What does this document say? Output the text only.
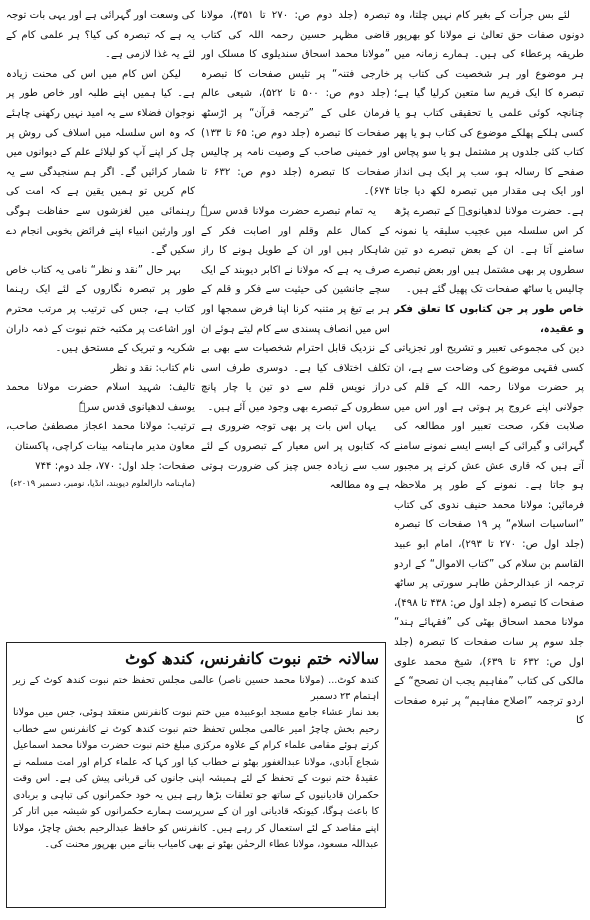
لئے بس جرأت کے بغیر کام نہیں چلتا، وہ دونوں صفات حق تعالیٰ نے مولانا کو بھرپور طریقہ پرعطاء کی ہیں۔ ہمارے زمانہ میں ہر موضوع اور ہر شخصیت کی کتاب پر تبصرہ کا ایک فریم سا متعین کرلیا گیا ہے؛ چنانچہ کوئی علمی یا تحقیقی کتاب ہو یا کسی ہلکے پھلکے موضوع کی کتاب ہو یا پھر کتاب کئی جلدوں پر مشتمل ہو یا سو پچاس صفحے کا رسالہ ہو، سب پر ایک ہی انداز اور ایک ہی مقدار میں تبصرہ لکھ دیا جاتا ہے۔ حضرت مولانا لدھیانویؒ کے تبصرے پڑھ کر اس سلسلہ میں عجیب سلیقہ یا نمونہ سامنے آتا ہے۔ ان کے بعض تبصرے دو تین سطروں پر بھی مشتمل ہیں اور بعض تبصرے چالیس یا ساٹھ صفحات تک پھیل گئے ہیں۔

خاص طور پر جن کتابوں کا تعلق فکر و عقیدہ،

دین کی مجموعی تعبیر و تشریح اور تجزیاتی کسی فقہی موضوع کی وضاحت سے ہے، ان پر حضرت مولانا رحمہ اللہ کے قلم کی جولانی اپنے عروج پر ہوتی ہے اور اس میں صلابت فکر، صحت تعبیر اور مطالعہ کی گہرائی و گیرائی کے ایسے ایسے نمونے سامنے آتے ہیں کہ قاری عش عش کرنے پر مجبور ہو جاتا ہے۔ نمونے کے طور پر ملاحظہ فرمائیں: مولانا محمد حنیف ندوی کی کتاب ”اساسیات اسلام“ پر ۱۹ صفحات کا تبصرہ (جلد اول ص: ۲۷۰ تا ۲۹۳)، امام ابو عبید القاسم بن سلام کی ”کتاب الاموال“ کے اردو ترجمہ از عبدالرحمٰن طاہر سورتی پر ساٹھ صفحات کا تبصرہ (جلد اول ص: ۴۳۸ تا ۴۹۸)، مولانا محمد اسحاق بھٹی کی ”فقہائے ہند“ جلد سوم پر سات صفحات کا تبصرہ (جلد اول ص: ۶۳۲ تا ۶۳۹)، شیخ محمد علوی مالکی کی کتاب ”مفاہیم یجب ان تصحح“ کے اردو ترجمہ ”اصلاح مفاہیم“ پر تیرہ صفحات کا

تبصرہ (جلد دوم ص: ۲۷۰ تا ۳۵۱)، مولانا قاضی مظہر حسین رحمہ اللہ کی کتاب ”مولانا محمد اسحاق سندیلوی کا مسلک اور خارجی فتنہ“ پر تئیس صفحات کا تبصرہ (جلد دوم ص: ۵۰۰ تا ۵۲۲)، شیعی عالم فرمان علی کے ”ترجمہ قرآن“ پر اڑسٹھ صفحات کا تبصرہ (جلد دوم ص: ۶۵ تا ۱۳۳) اور خمینی صاحب کے وصیت نامہ پر چالیس صفحات کا تبصرہ (جلد دوم ص: ۶۳۲ تا ۶۷۴)۔

یہ تمام تبصرے حضرت مولانا قدس سرہٗ کے کمال علم وقلم اور اصابت فکر کے شاہکار ہیں اور ان کے طویل ہونے کا راز صرف یہ ہے کہ مولانا نے اکابر دیوبند کے ایک سچے جانشین کی حیثیت سے فکر و قلم کے ہر بے تیغ پر متنبہ کرنا اپنا فرض سمجھا اور اس میں انصاف پسندی سے کام لیتے ہوئے ان کے نزدیک قابل احترام شخصیات سے بھی بے تکلف اختلاف کیا ہے۔ دوسری طرف اسی دراز نویس قلم سے دو تین یا چار پانچ سطروں کے تبصرے بھی وجود میں آئے ہیں۔

یہاں اس بات پر بھی توجہ ضروری ہے کہ کتابوں پر اس معیار کے تبصروں کے لئے سب سے زیادہ جس چیز کی ضرورت ہوتی ہے وہ مطالعہ

کی وسعت اور گہرائی ہے اور یہی بات توجہ یہ ہے کہ تبصرہ کی کیا؟ ہر علمی کام کے لئے یہ غذا لازمی ہے۔

لیکن اس کام میں اس کی محنت زیادہ ہے۔ کیا ہمیں اپنے طلبہ اور خاص طور پر نوجوان فضلاء سے یہ امید نہیں رکھنی چاہئے کہ وہ اس سلسلہ میں اسلاف کی روش پر چل کر اپنے آپ کو لیلائے علم کے دیوانوں میں شمار کرائیں گے۔ اگر ہم سنجیدگی سے یہ کام کریں تو ہمیں یقین ہے کہ امت کی رہنمائی میں لغزشوں سے حفاظت ہوگی اور وارثین انبیاء اپنے فرائض بخوبی انجام دے سکیں گے۔

بہر حال ”نقد و نظر“ نامی یہ کتاب خاص طور پر تبصرہ نگاروں کے لئے ایک رہنما کتاب ہے، جس کی ترتیب پر مرتب محترم اور اشاعت پر مکتبہ ختم نبوت کے ذمہ داران شکریہ و تبریک کے مستحق ہیں۔

نام کتاب: نقد و نظر

تالیف: شہید اسلام حضرت مولانا محمد یوسف لدھیانوی قدس سرہٗ

ترتیب: مولانا محمد اعجاز مصطفیٰ صاحب، معاون مدیر ماہنامہ بینات کراچی، پاکستان

صفحات: جلد اول: ۷۷۰، جلد دوم: ۷۴۴

(ماہنامہ دارالعلوم دیوبند، انڈیا، نومبر، دسمبر ۲۰۱۹ء)

سالانہ ختم نبوت کانفرنس، کندھ کوٹ

کندھ کوٹ... (مولانا محمد حسین ناصر) عالمی مجلس تحفظ ختم نبوت کندھ کوٹ کے زیر اہتمام ۲۳ دسمبر

بعد نماز عشاء جامع مسجد ابوعبیدہ میں ختم نبوت کانفرنس منعقد ہوئی، جس میں مولانا رحیم بخش چاچڑ امیر عالمی مجلس تحفظ ختم نبوت کندھ کوٹ نے کانفرنس سے خطاب کرتے ہوئے مقامی علماء کرام کے علاوہ مرکزی مبلغ ختم نبوت حضرت مولانا محمد اسماعیل شجاع آبادی، مولانا عبدالغفور بھٹو نے خطاب کیا اور کہا کہ علماء کرام اور امت مسلمہ نے عقیدۂ ختم نبوت کے تحفظ کے لئے ہمیشہ اپنی جانوں کی قربانی پیش کی ہے۔ اس وقت حکمران قادیانیوں کے ساتھ جو تعلقات بڑھا رہے ہیں یہ خود حکمرانوں کی تباہی و بربادی کا باعث ہوگا، کیونکہ قادیانی اور ان کے سرپرست ہمارے حکمرانوں کو شیشہ میں اتار کر اپنے مقاصد کے لئے استعمال کر رہے ہیں۔ کانفرنس کو حافظ عبدالرحیم بخش چاچڑ، مولانا عبداللہ مسعود، مولانا عطاء الرحمٰن بھٹو نے بھی کامیاب بنانے میں بھرپور محنت کی۔
